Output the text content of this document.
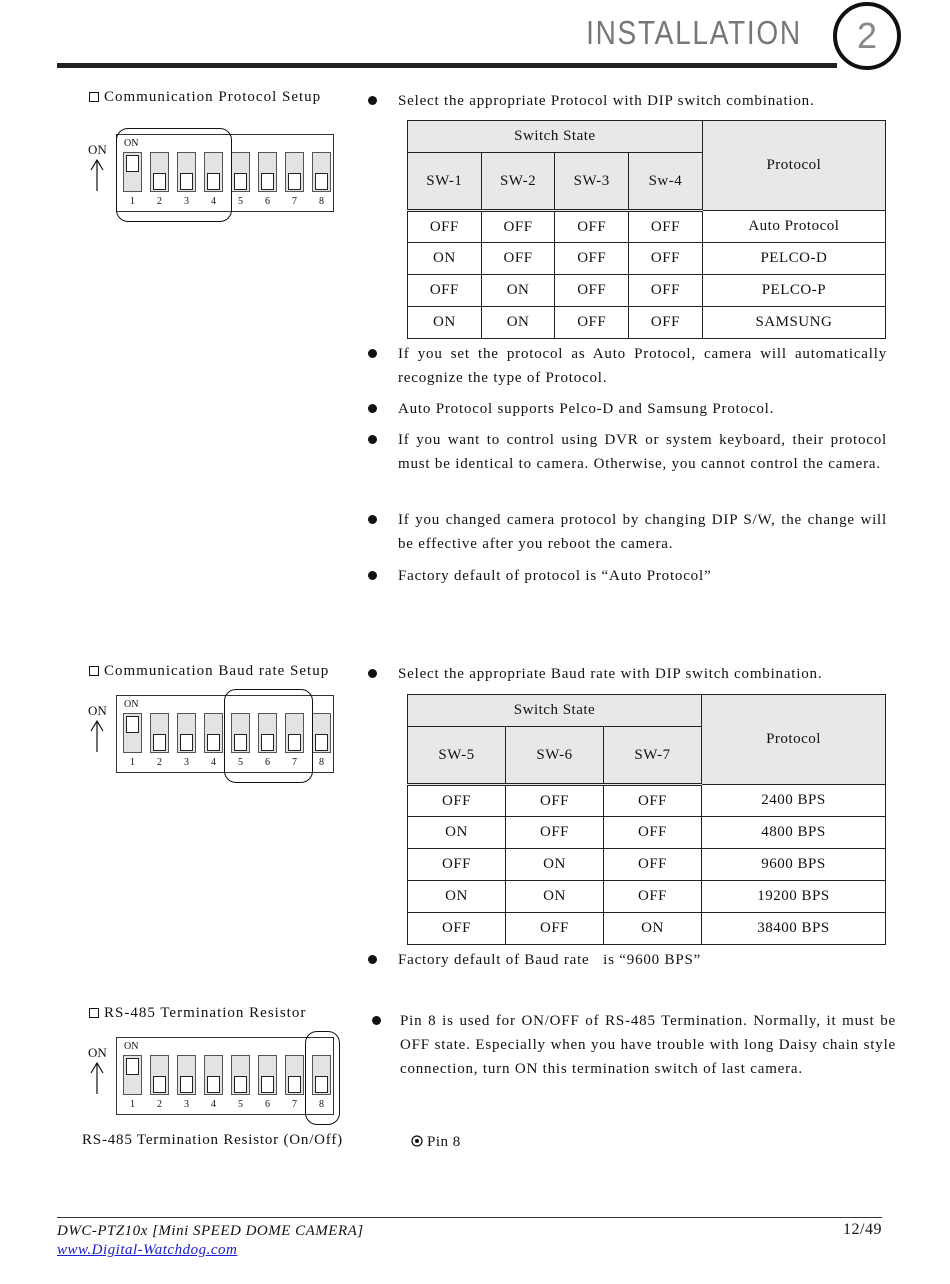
INSTALLATION	2
Communication Protocol Setup
ON ON
1	2	3	4	5	6	7	8
Select the appropriate Protocol with DIP switch combination.
Switch State				Protocol
SW-1	SW-2	SW-3	Sw-4	
OFF	OFF	OFF	OFF	Auto Protocol
ON	OFF	OFF	OFF	PELCO-D
OFF	ON	OFF	OFF	PELCO-P
ON	ON	OFF	OFF	SAMSUNG
If you set the protocol as Auto Protocol, camera will automatically recognize the type of Protocol.
Auto Protocol supports Pelco-D and Samsung Protocol.
If you want to control using DVR or system keyboard, their protocol must be identical to camera. Otherwise, you cannot control the camera.
If you changed camera protocol by changing DIP S/W, the change will be effective after you reboot the camera.
Factory default of protocol is “Auto Protocol”
Communication Baud rate Setup
ON ON
1	2	3	4	5	6	7	8
Select the appropriate Baud rate with DIP switch combination.
Switch State			Protocol
SW-5	SW-6	SW-7	
OFF	OFF	OFF	2400 BPS
ON	OFF	OFF	4800 BPS
OFF	ON	OFF	9600 BPS
ON	ON	OFF	19200 BPS
OFF	OFF	ON	38400 BPS
Factory default of Baud rate   is “9600 BPS”
RS-485 Termination Resistor
ON ON
1	2	3	4	5	6	7	8
Pin 8 is used for ON/OFF of RS-485 Termination. Normally, it must be OFF state. Especially when you have trouble with long Daisy chain style connection, turn ON this termination switch of last camera.
RS-485 Termination Resistor (On/Off)	Pin 8
DWC-PTZ10x [Mini SPEED DOME CAMERA]
www.Digital-Watchdog.com
12/49
